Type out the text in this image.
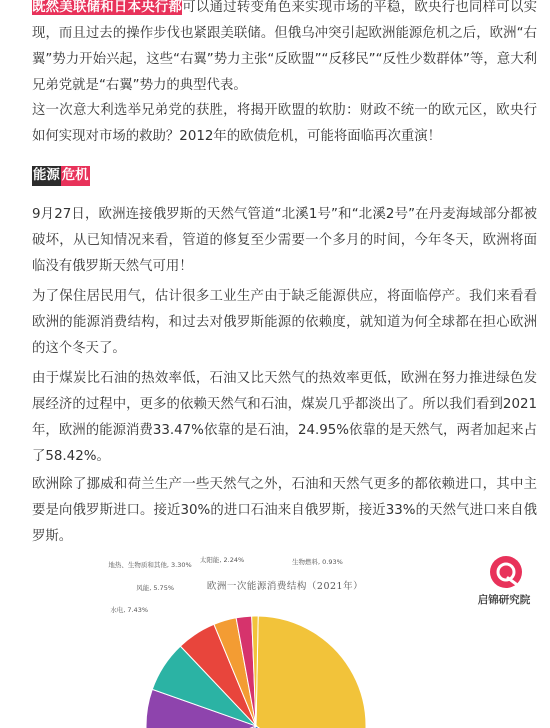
既然美联储和日本央行都可以通过转变角色来实现市场的平稳，欧央行也同样可以实现，而且过去的操作步伐也紧跟美联储。但俄乌冲突引起欧洲能源危机之后，欧洲“右翼”势力开始兴起，这些“右翼”势力主张“反欧盟”“反移民”“反性少数群体”等，意大利兄弟党就是“右翼”势力的典型代表。

这一次意大利选举兄弟党的获胜，将揭开欧盟的软肋：财政不统一的欧元区，欧央行如何实现对市场的救助？2012年的欧债危机，可能将面临再次重演！

能源 危机

9月27日，欧洲连接俄罗斯的天然气管道“北溪1号”和“北溪2号”在丹麦海域部分都被破坏，从已知情况来看，管道的修复至少需要一个多月的时间，今年冬天，欧洲将面临没有俄罗斯天然气可用！

为了保住居民用气，估计很多工业生产由于缺乏能源供应，将面临停产。我们来看看欧洲的能源消费结构，和过去对俄罗斯能源的依赖度，就知道为何全球都在担心欧洲的这个冬天了。

由于煤炭比石油的热效率低，石油又比天然气的热效率更低，欧洲在努力推进绿色发展经济的过程中，更多的依赖天然气和石油，煤炭几乎都淡出了。所以我们看到2021年，欧洲的能源消费33.47%依靠的是石油，24.95%依靠的是天然气，两者加起来占了58.42%。

欧洲除了挪威和荷兰生产一些天然气之外，石油和天然气更多的都依赖进口，其中主要是向俄罗斯进口。接近30%的进口石油来自俄罗斯，接近33%的天然气进口来自俄罗斯。

启锦研究院
欧洲一次能源消费结构（2021年）
原油, 33.47%
核能, 9.60%
水电, 7.43%
风能, 5.75%
地热、生物质和其他, 3.30%
太阳能, 2.24%	生物燃料, 0.93%
